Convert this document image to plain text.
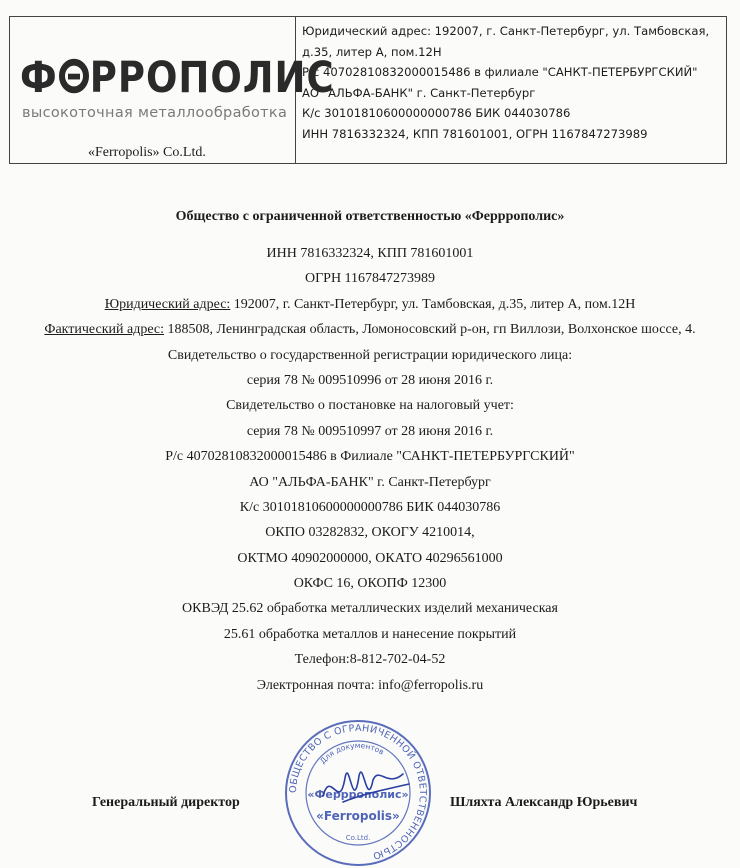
Ф РРОПОЛИС
высокоточная металлообработка
«Ferropolis» Co.Ltd.
Юридический адрес: 192007, г. Санкт-Петербург, ул. Тамбовская,
д.35, литер А, пом.12Н
Р/с 40702810832000015486 в филиале "САНКТ-ПЕТЕРБУРГСКИЙ"
АО "АЛЬФА-БАНК" г. Санкт-Петербург
К/с 30101810600000000786 БИК 044030786
ИНН 7816332324, КПП 781601001, ОГРН 1167847273989
Общество с ограниченной ответственностью «Ферррополис»
ИНН 7816332324, КПП 781601001
ОГРН 1167847273989
Юридический адрес: 192007, г. Санкт-Петербург, ул. Тамбовская, д.35, литер А, пом.12Н
Фактический адрес: 188508, Ленинградская область, Ломоносовский р-он, гп Виллози, Волхонское шоссе, 4.
Свидетельство о государственной регистрации юридического лица:
серия 78 № 009510996 от 28 июня 2016 г.
Свидетельство о постановке на налоговый учет:
серия 78 № 009510997 от 28 июня 2016 г.
Р/с 40702810832000015486 в Филиале "САНКТ-ПЕТЕРБУРГСКИЙ"
АО "АЛЬФА-БАНК" г. Санкт-Петербург
К/с 30101810600000000786 БИК 044030786
ОКПО 03282832, ОКОГУ 4210014,
ОКТМО 40902000000, ОКАТО 40296561000
ОКФС 16, ОКОПФ 12300
ОКВЭД 25.62 обработка металлических изделий механическая
25.61 обработка металлов и нанесение покрытий
Телефон:8-812-702-04-52
Электронная почта: info@ferropolis.ru
ОБЩЕСТВО С ОГРАНИЧЕННОЙ ОТВЕТСТВЕННОСТЬЮ
Для документов
«Ферррополис»
«Ferropolis»
Co.Ltd.
Генеральный директор	Шляхта Александр Юрьевич
